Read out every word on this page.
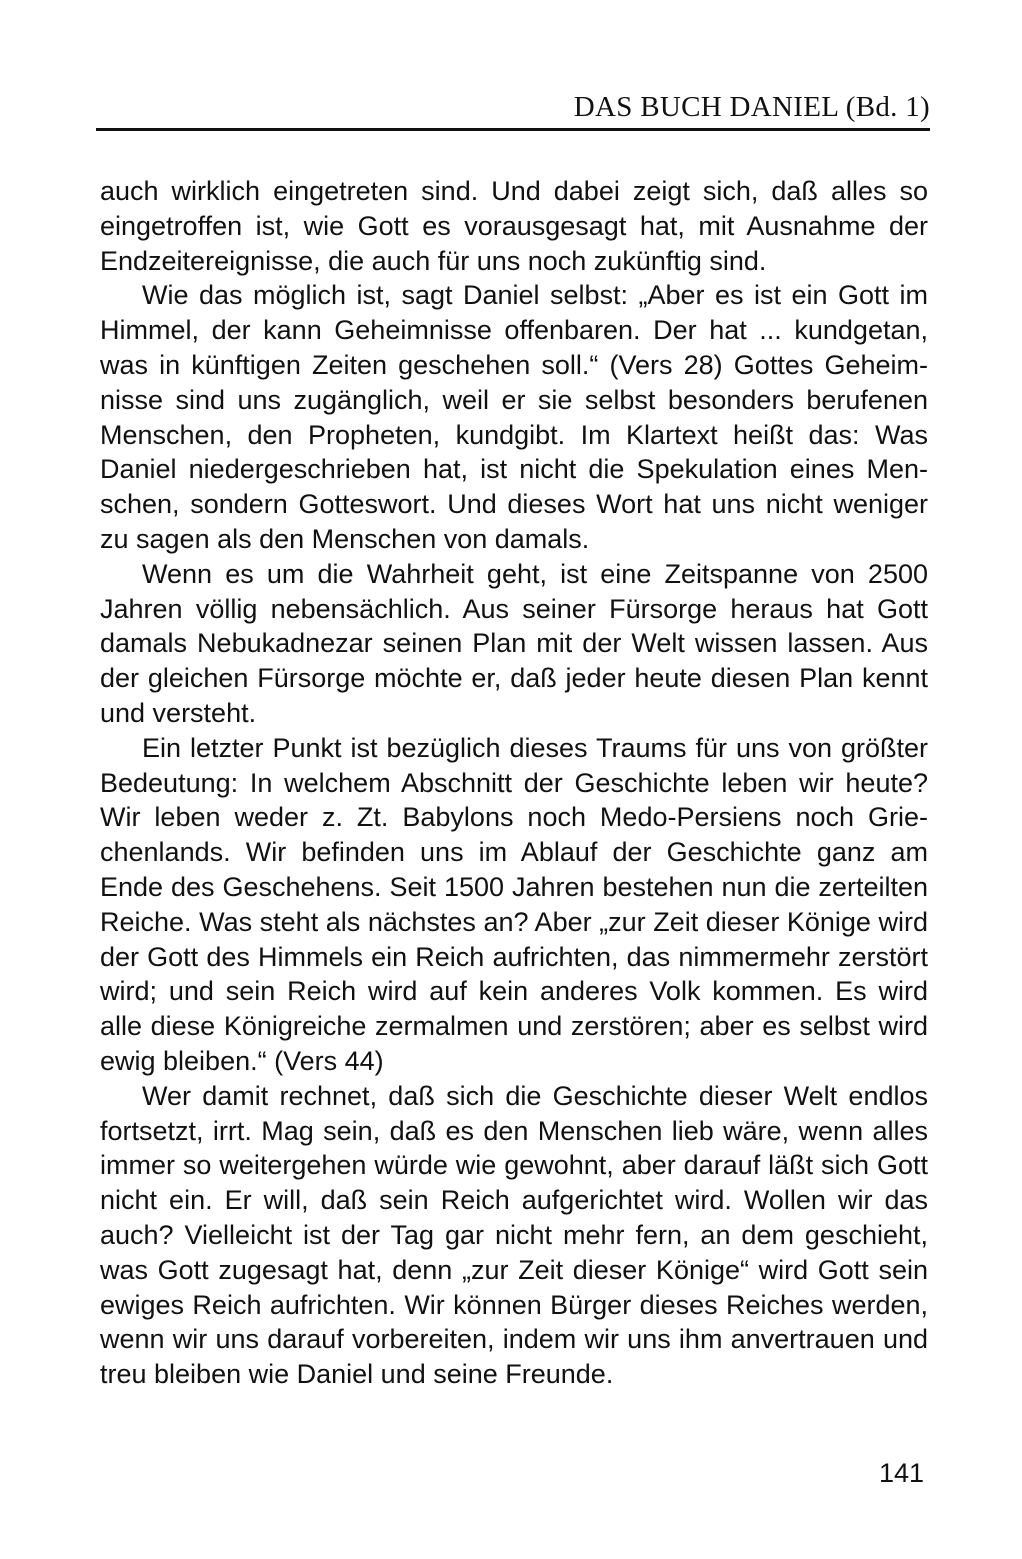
DAS BUCH DANIEL (Bd. 1)

auch wirklich eingetreten sind. Und dabei zeigt sich, daß alles so eingetroffen ist, wie Gott es vorausgesagt hat, mit Ausnahme der Endzeitereignisse, die auch für uns noch zukünftig sind.

Wie das möglich ist, sagt Daniel selbst: „Aber es ist ein Gott im Himmel, der kann Geheimnisse offenbaren. Der hat ... kundgetan, was in künftigen Zeiten geschehen soll.“ (Vers 28) Gottes Geheimnisse sind uns zugänglich, weil er sie selbst besonders berufenen Menschen, den Propheten, kundgibt. Im Klartext heißt das: Was Daniel niedergeschrieben hat, ist nicht die Spekulation eines Menschen, sondern Gotteswort. Und dieses Wort hat uns nicht weniger zu sagen als den Menschen von damals.

Wenn es um die Wahrheit geht, ist eine Zeitspanne von 2500 Jahren völlig nebensächlich. Aus seiner Fürsorge heraus hat Gott damals Nebukadnezar seinen Plan mit der Welt wissen lassen. Aus der gleichen Fürsorge möchte er, daß jeder heute diesen Plan kennt und versteht.

Ein letzter Punkt ist bezüglich dieses Traums für uns von größter Bedeutung: In welchem Abschnitt der Geschichte leben wir heute? Wir leben weder z. Zt. Babylons noch Medo-Persiens noch Griechenlands. Wir befinden uns im Ablauf der Geschichte ganz am Ende des Geschehens. Seit 1500 Jahren bestehen nun die zerteilten Reiche. Was steht als nächstes an? Aber „zur Zeit dieser Könige wird der Gott des Himmels ein Reich aufrichten, das nimmermehr zerstört wird; und sein Reich wird auf kein anderes Volk kommen. Es wird alle diese Königreiche zermalmen und zerstören; aber es selbst wird ewig bleiben.“ (Vers 44)

Wer damit rechnet, daß sich die Geschichte dieser Welt endlos fortsetzt, irrt. Mag sein, daß es den Menschen lieb wäre, wenn alles immer so weitergehen würde wie gewohnt, aber darauf läßt sich Gott nicht ein. Er will, daß sein Reich aufgerichtet wird. Wollen wir das auch? Vielleicht ist der Tag gar nicht mehr fern, an dem geschieht, was Gott zugesagt hat, denn „zur Zeit dieser Könige“ wird Gott sein ewiges Reich aufrichten. Wir können Bürger dieses Reiches werden, wenn wir uns darauf vorbereiten, indem wir uns ihm anvertrauen und treu bleiben wie Daniel und seine Freunde.

141
